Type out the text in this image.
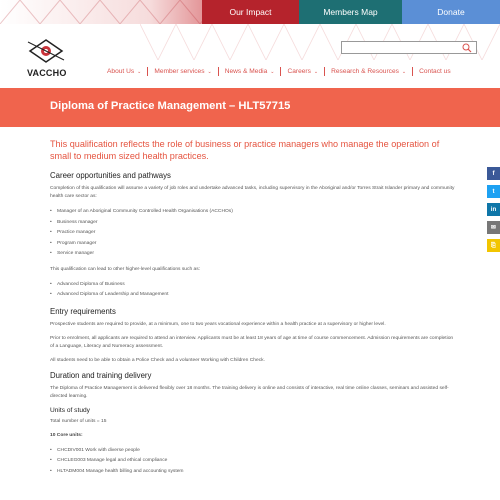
Our Impact	Members Map	Donate
VACCHO	About Us ⌄ Member services ⌄ News & Media ⌄ Careers ⌄ Research & Resources ⌄ Contact us
Diploma of Practice Management – HLT57715
This qualification reflects the role of business or practice managers who manage the operation of small to medium sized health practices.
Career opportunities and pathways

Completion of this qualification will assume a variety of job roles and undertake advanced tasks, including supervisory in the Aboriginal and/or Torres Strait Islander primary and community health care sector as:

• Manager of an Aboriginal Community Controlled Health Organisations (ACCHOs)
• Business manager
• Practice manager
• Program manager
• Service manager

This qualification can lead to other higher-level qualifications such as:

• Advanced Diploma of Business
• Advanced Diploma of Leadership and Management
Entry requirements

Prospective students are required to provide, at a minimum, one to two years vocational experience within a health practice at a supervisory or higher level.

Prior to enrolment, all applicants are required to attend an interview. Applicants must be at least 18 years of age at time of course commencement. Admission requirements are completion of a Language, Literacy and Numeracy assessment.

All students need to be able to obtain a Police Check and a volunteer Working with Children Check.

Duration and training delivery

The Diploma of Practice Management is delivered flexibly over 18 months. The training delivery is online and consists of interactive, real time online classes, seminars and assisted self-directed learning.

Units of study

Total number of units = 15

10 Core units:

• CHCDIV001 Work with diverse people
• CHCLEG003 Manage legal and ethical compliance
• HLTADM004 Manage health billing and accounting system
f
t
in
✉
⎘
